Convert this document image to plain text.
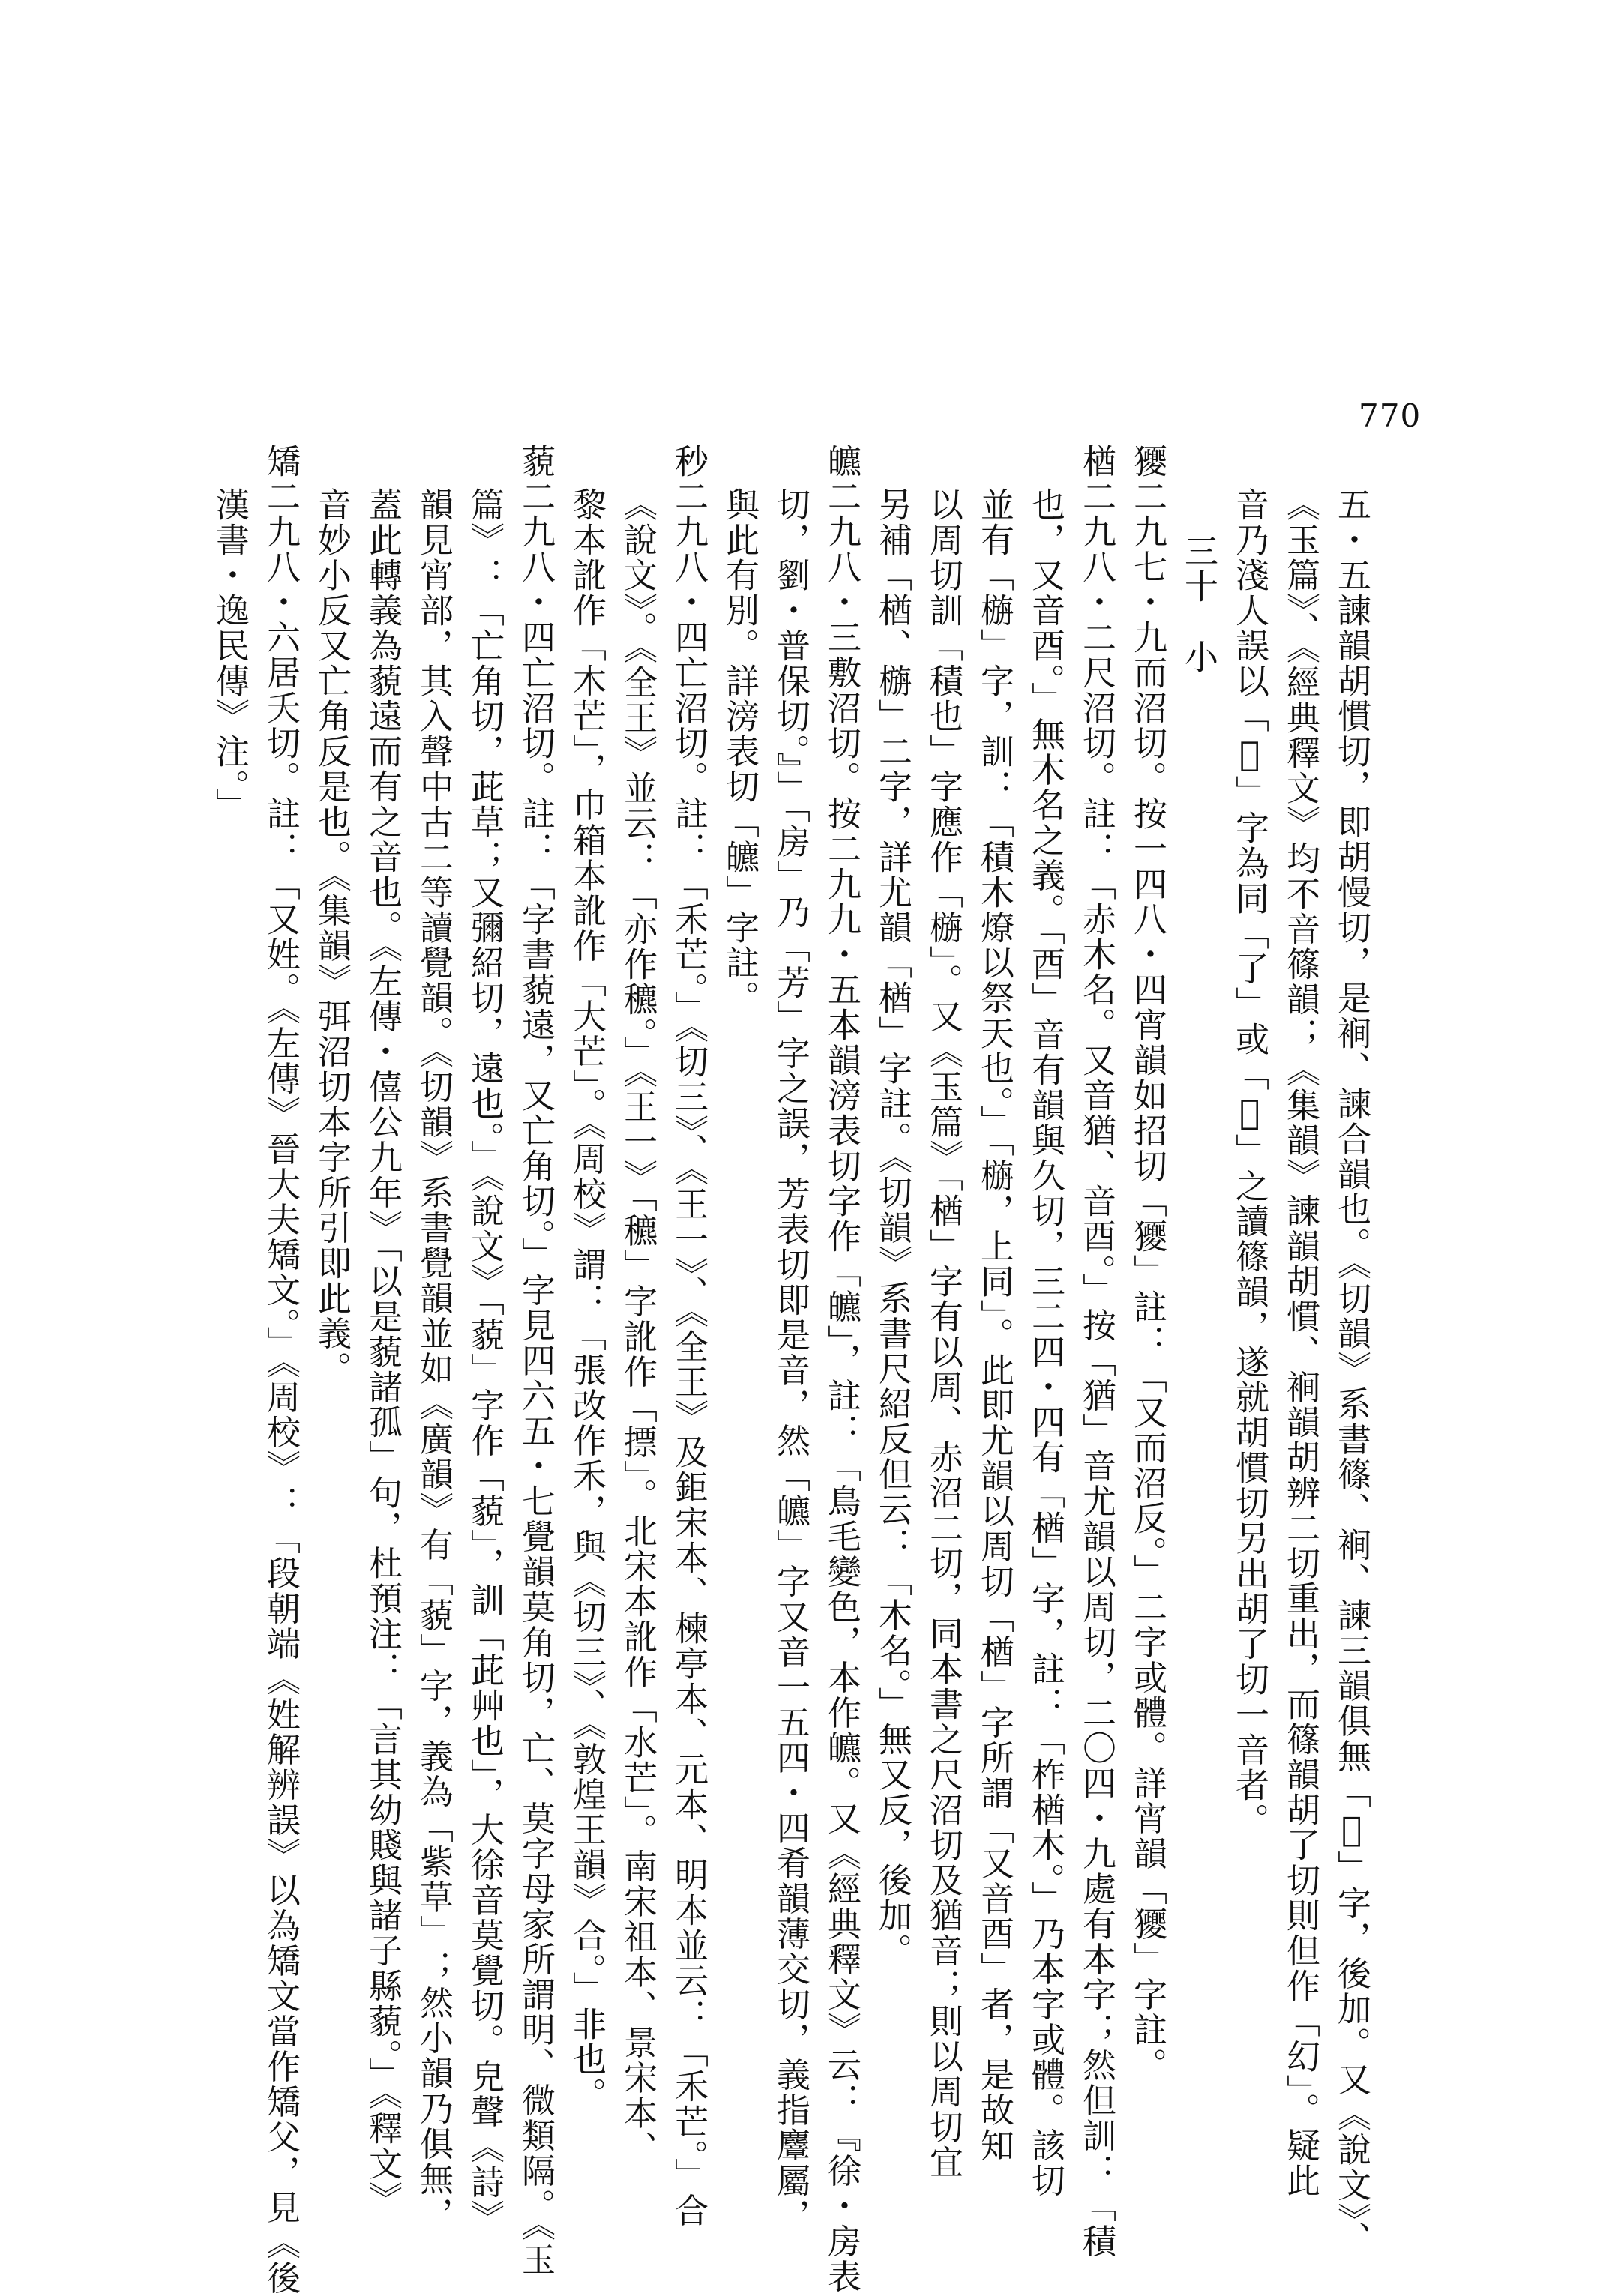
770
五・五諫韻胡慣切，即胡慢切，是裥、諫合韻也。《切韻》系書篠、裥、諫三韻俱無「𡴸」字，後加。又《說文》、
《玉篇》、《經典釋文》均不音篠韻；《集韻》諫韻胡慣、裥韻胡辨二切重出，而篠韻胡了切則但作「幻」。疑此
音乃淺人誤以「𡴸」字為同「了」或「𠄏」之讀篠韻，遂就胡慣切另出胡了切一音者。
三十　小
獿二九七・九而沼切。按一四八・四宵韻如招切「獿」註：「又而沼反。」二字或體。詳宵韻「獿」字註。
楢二九八・二尺沼切。註：「赤木名。又音猶、音酉。」按「猶」音尤韻以周切，二〇四・九處有本字；然但訓：「積
也，又音酉。」無木名之義。「酉」音有韻與久切，三二四・四有「楢」字，註：「柞楢木。」乃本字或體。該切
並有「㮵」字，訓：「積木燎以祭天也。」「㮵，上同」。此即尤韻以周切「楢」字所謂「又音酉」者，是故知
以周切訓「積也」字應作「㮵」。又《玉篇》「楢」字有以周、赤沼二切，同本書之尺沼切及猶音；則以周切宜
另補「楢、㮵」二字，詳尤韻「楢」字註。《切韻》系書尺紹反但云：「木名。」無又反，後加。
皫二九八・三敷沼切。按二九九・五本韻滂表切字作「皫」，註：「鳥毛變色，本作皫。又《經典釋文》云：『徐・房表
切，劉・普保切。』」「房」乃「芳」字之誤，芳表切即是音，然「皫」字又音一五四・四肴韻薄交切，義指麞屬，
與此有別。詳滂表切「皫」字註。
秒二九八・四亡沼切。註：「禾芒。」《切三》、《王一》、《全王》及鉅宋本、楝亭本、元本、明本並云：「禾芒。」合
《說文》。《全王》並云：「亦作穮。」《王一》「穮」字訛作「摽」。北宋本訛作「水芒」。南宋祖本、景宋本、
黎本訛作「木芒」，巾箱本訛作「大芒」。《周校》謂：「張改作禾，與《切三》、《敦煌王韻》合。」非也。
藐二九八・四亡沼切。註：「字書藐遠，又亡角切。」字見四六五・七覺韻莫角切，亡、莫字母家所謂明、微類隔。《玉
篇》：「亡角切，茈草；又彌紹切，遠也。」《說文》「藐」字作「藐」，訓「茈艸也」，大徐音莫覺切。皃聲《詩》
韻見宵部，其入聲中古二等讀覺韻。《切韻》系書覺韻並如《廣韻》有「藐」字，義為「紫草」；然小韻乃俱無，
蓋此轉義為藐遠而有之音也。《左傳・僖公九年》「以是藐諸孤」句，杜預注：「言其幼賤與諸子縣藐。」《釋文》
音妙小反又亡角反是也。《集韻》弭沼切本字所引即此義。
矯二九八・六居夭切。註：「又姓。《左傳》晉大夫矯文。」《周校》：「段朝端《姓解辨誤》以為矯文當作矯父，見《後
漢書・逸民傳》注。」
